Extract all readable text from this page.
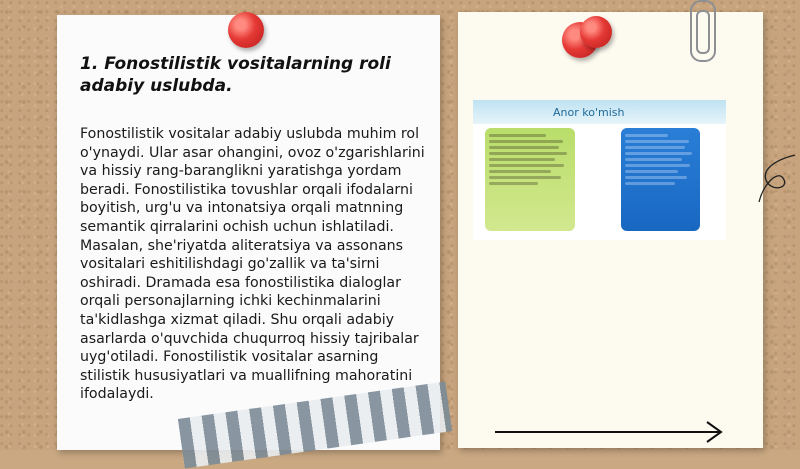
1. Fonostilistik vositalarning roli adabiy uslubda.
Fonostilistik vositalar adabiy uslubda muhim rol o'ynaydi. Ular asar ohangini, ovoz o'zgarishlarini va hissiy rang-baranglikni yaratishga yordam beradi. Fonostilistika tovushlar orqali ifodalarni boyitish, urg'u va intonatsiya orqali matnning semantik qirralarini ochish uchun ishlatiladi. Masalan, she'riyatda aliteratsiya va assonans vositalari eshitilishdagi go'zallik va ta'sirni oshiradi. Dramada esa fonostilistika dialoglar orqali personajlarning ichki kechinmalarini ta'kidlashga xizmat qiladi. Shu orqali adabiy asarlarda o'quvchida chuqurroq hissiy tajribalar uyg'otiladi. Fonostilistik vositalar asarning stilistik hususiyatlari va muallifning mahoratini ifodalaydi.
Anor ko'mish
